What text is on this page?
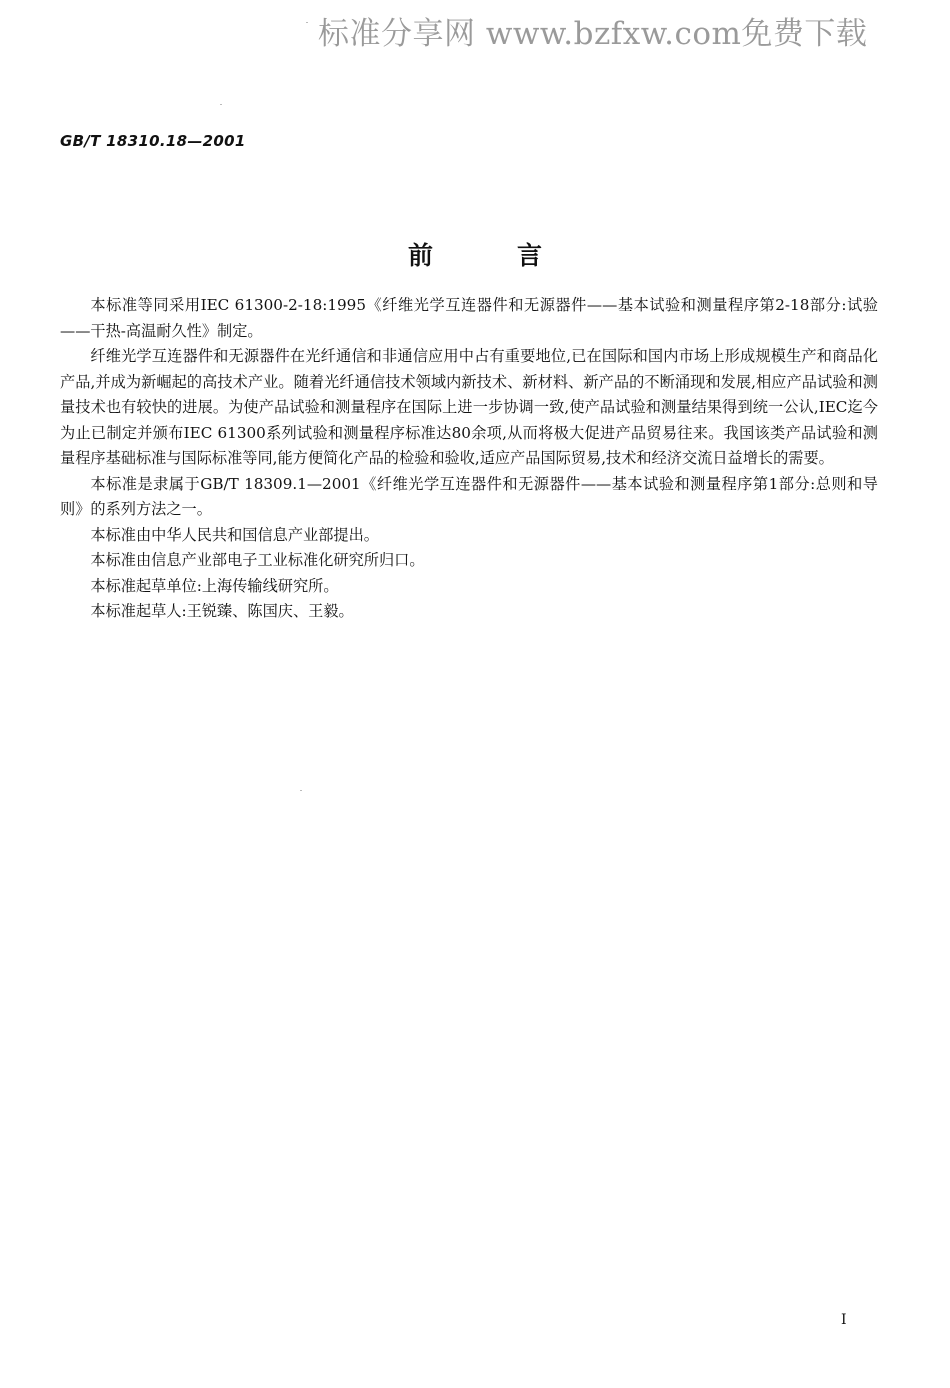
标准分享网 www.bzfxw.com免费下载
GB/T 18310.18—2001
前言

本标准等同采用IEC 61300-2-18:1995《纤维光学互连器件和无源器件——基本试验和测量程序第2-18部分:试验——干热-高温耐久性》制定。

纤维光学互连器件和无源器件在光纤通信和非通信应用中占有重要地位,已在国际和国内市场上形成规模生产和商品化产品,并成为新崛起的高技术产业。随着光纤通信技术领域内新技术、新材料、新产品的不断涌现和发展,相应产品试验和测量技术也有较快的进展。为使产品试验和测量程序在国际上进一步协调一致,使产品试验和测量结果得到统一公认,IEC迄今为止已制定并颁布IEC 61300系列试验和测量程序标准达80余项,从而将极大促进产品贸易往来。我国该类产品试验和测量程序基础标准与国际标准等同,能方便简化产品的检验和验收,适应产品国际贸易,技术和经济交流日益增长的需要。

本标准是隶属于GB/T 18309.1—2001《纤维光学互连器件和无源器件——基本试验和测量程序第1部分:总则和导则》的系列方法之一。

本标准由中华人民共和国信息产业部提出。

本标准由信息产业部电子工业标准化研究所归口。

本标准起草单位:上海传输线研究所。

本标准起草人:王锐臻、陈国庆、王毅。

I
